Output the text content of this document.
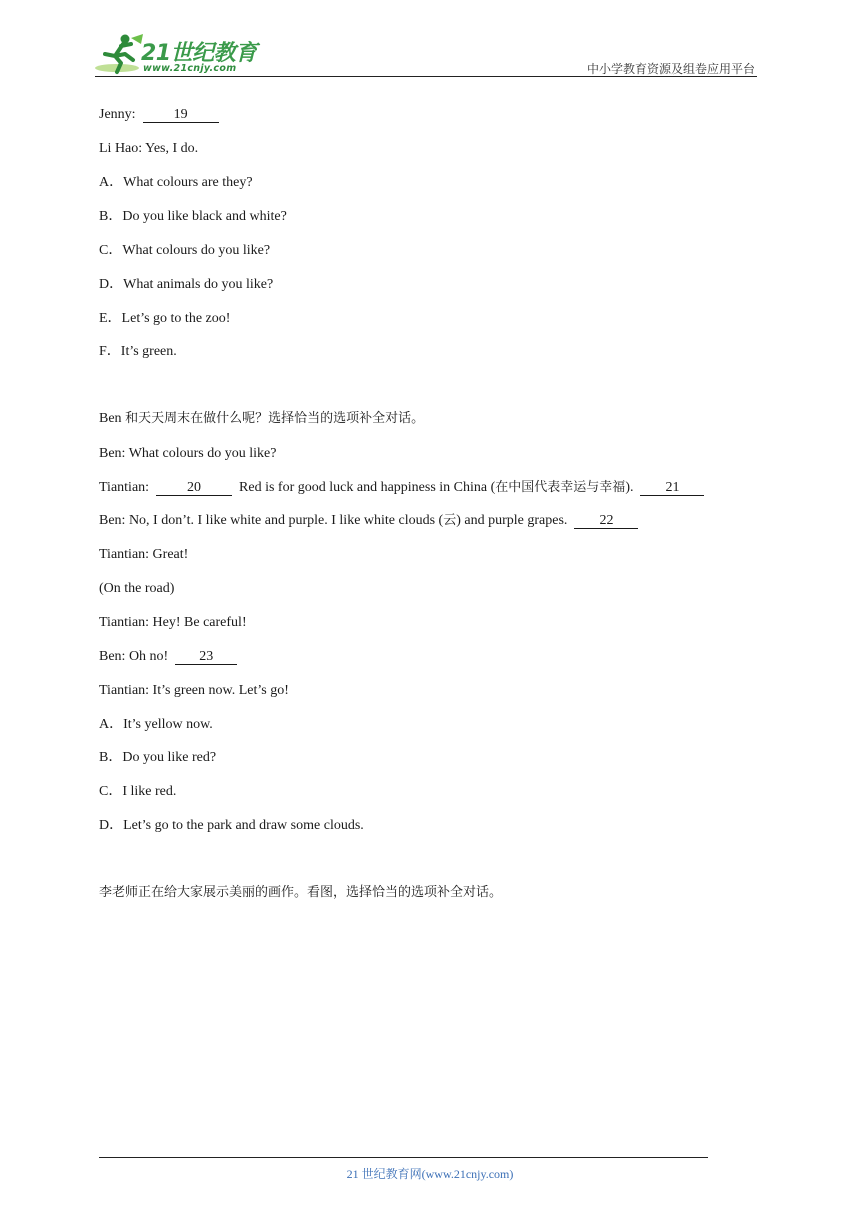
21世纪教育
www.21cnjy.com	中小学教育资源及组卷应用平台
Jenny:	19
Li Hao: Yes, I do.
A．What colours are they?
B．Do you like black and white?
C．What colours do you like?
D．What animals do you like?
E．Let’s go to the zoo!
F．It’s green.
Ben 和天天周末在做什么呢？选择恰当的选项补全对话。
Ben: What colours do you like?
Tiantian:	20	Red is for good luck and happiness in China (在中国代表幸运与幸福). 21
Ben: No, I don’t. I like white and purple. I like white clouds (云) and purple grapes. 22
Tiantian: Great!
(On the road)
Tiantian: Hey! Be careful!
Ben: Oh no! 23
Tiantian: It’s green now. Let’s go!
A．It’s yellow now.
B．Do you like red?
C．I like red.
D．Let’s go to the park and draw some clouds.
李老师正在给大家展示美丽的画作。看图，选择恰当的选项补全对话。
21 世纪教育网(www.21cnjy.com)
